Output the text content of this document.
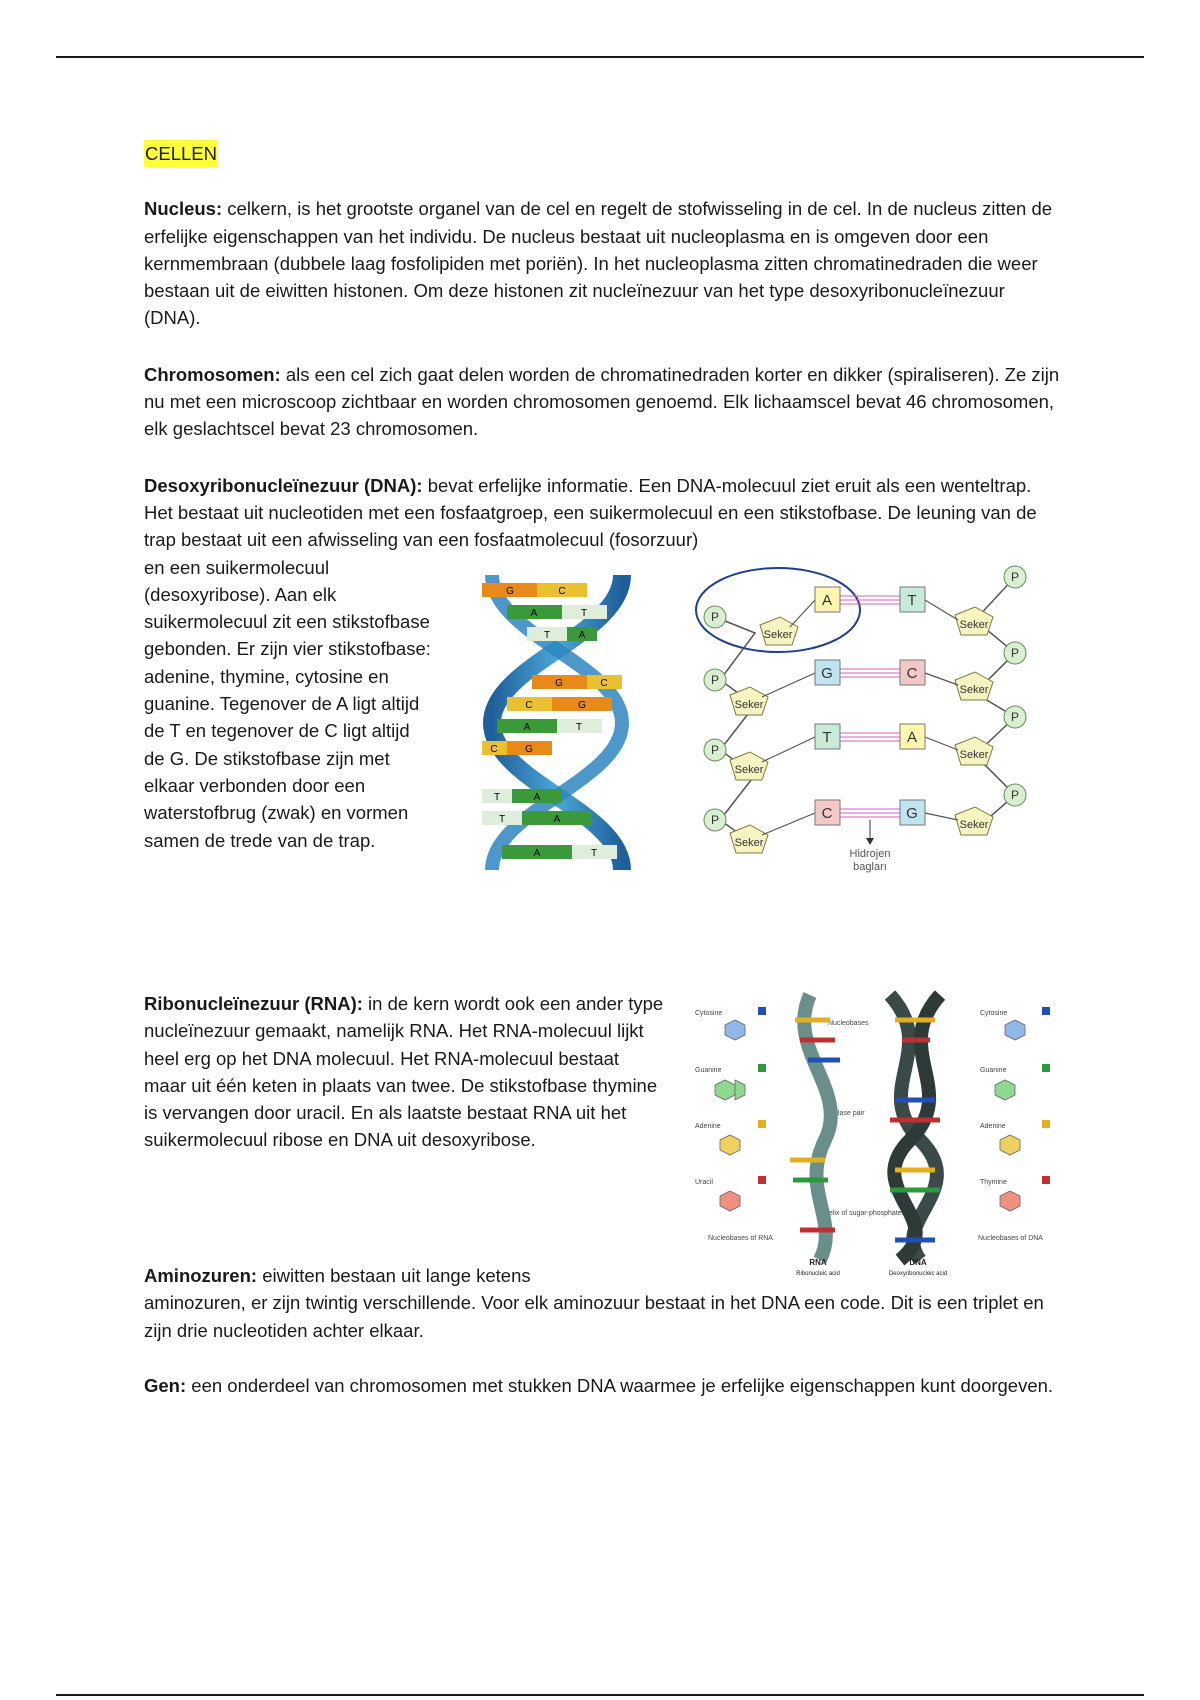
CELLEN

Nucleus: celkern, is het grootste organel van de cel en regelt de stofwisseling in de cel. In de nucleus zitten de erfelijke eigenschappen van het individu. De nucleus bestaat uit nucleoplasma en is omgeven door een kernmembraan (dubbele laag fosfolipiden met poriën). In het nucleoplasma zitten chromatinedraden die weer bestaan uit de eiwitten histonen. Om deze histonen zit nucleïnezuur van het type desoxyribonucleïnezuur (DNA).

Chromosomen: als een cel zich gaat delen worden de chromatinedraden korter en dikker (spiraliseren). Ze zijn nu met een microscoop zichtbaar en worden chromosomen genoemd. Elk lichaamscel bevat 46 chromosomen, elk geslachtscel bevat 23 chromosomen.

Desoxyribonucleïnezuur (DNA): bevat erfelijke informatie. Een DNA-molecuul ziet eruit als een wenteltrap. Het bestaat uit nucleotiden met een fosfaatgroep, een suikermolecuul en een stikstofbase. De leuning van de trap bestaat uit een afwisseling van een fosfaatmolecuul (fosorzuur)

en een suikermolecuul (desoxyribose). Aan elk suikermolecuul zit een stikstofbase gebonden. Er zijn vier stikstofbase: adenine, thymine, cytosine en guanine. Tegenover de A ligt altijd de T en tegenover de C ligt altijd de G. De stikstofbase zijn met elkaar verbonden door een waterstofbrug (zwak) en vormen samen de trede van de trap.
G	C
A	T
T	A
G	C
C	G
A	T
C	G
T	A
T	A
A	T
Seker
Seker
Seker
Seker
Seker
Seker
Seker
Seker
P
P
P
P
P
P
P
P
A	T
G	C
T	A
C	G
Hidrojen
bagları
Ribonucleïnezuur (RNA): in de kern wordt ook een ander type nucleïnezuur gemaakt, namelijk RNA. Het RNA-molecuul lijkt heel erg op het DNA molecuul. Het RNA-molecuul bestaat maar uit één keten in plaats van twee. De stikstofbase thymine is vervangen door uracil. En als laatste bestaat RNA uit het suikermolecuul ribose en DNA uit desoxyribose.
Cytosine
Guanine
Adenine
Uracil
Cytosine
Guanine
Adenine
Thymine
Nucleobases of RNA	Nucleobases of DNA
Nucleobases
Base pair
helix of sugar-phosphates
RNA
Ribonucleic acid
DNA
Deoxyribonucleic acid
Aminozuren: eiwitten bestaan uit lange ketens
aminozuren, er zijn twintig verschillende. Voor elk aminozuur bestaat in het DNA een code. Dit is een triplet en zijn drie nucleotiden achter elkaar.
Gen: een onderdeel van chromosomen met stukken DNA waarmee je erfelijke eigenschappen kunt doorgeven.
